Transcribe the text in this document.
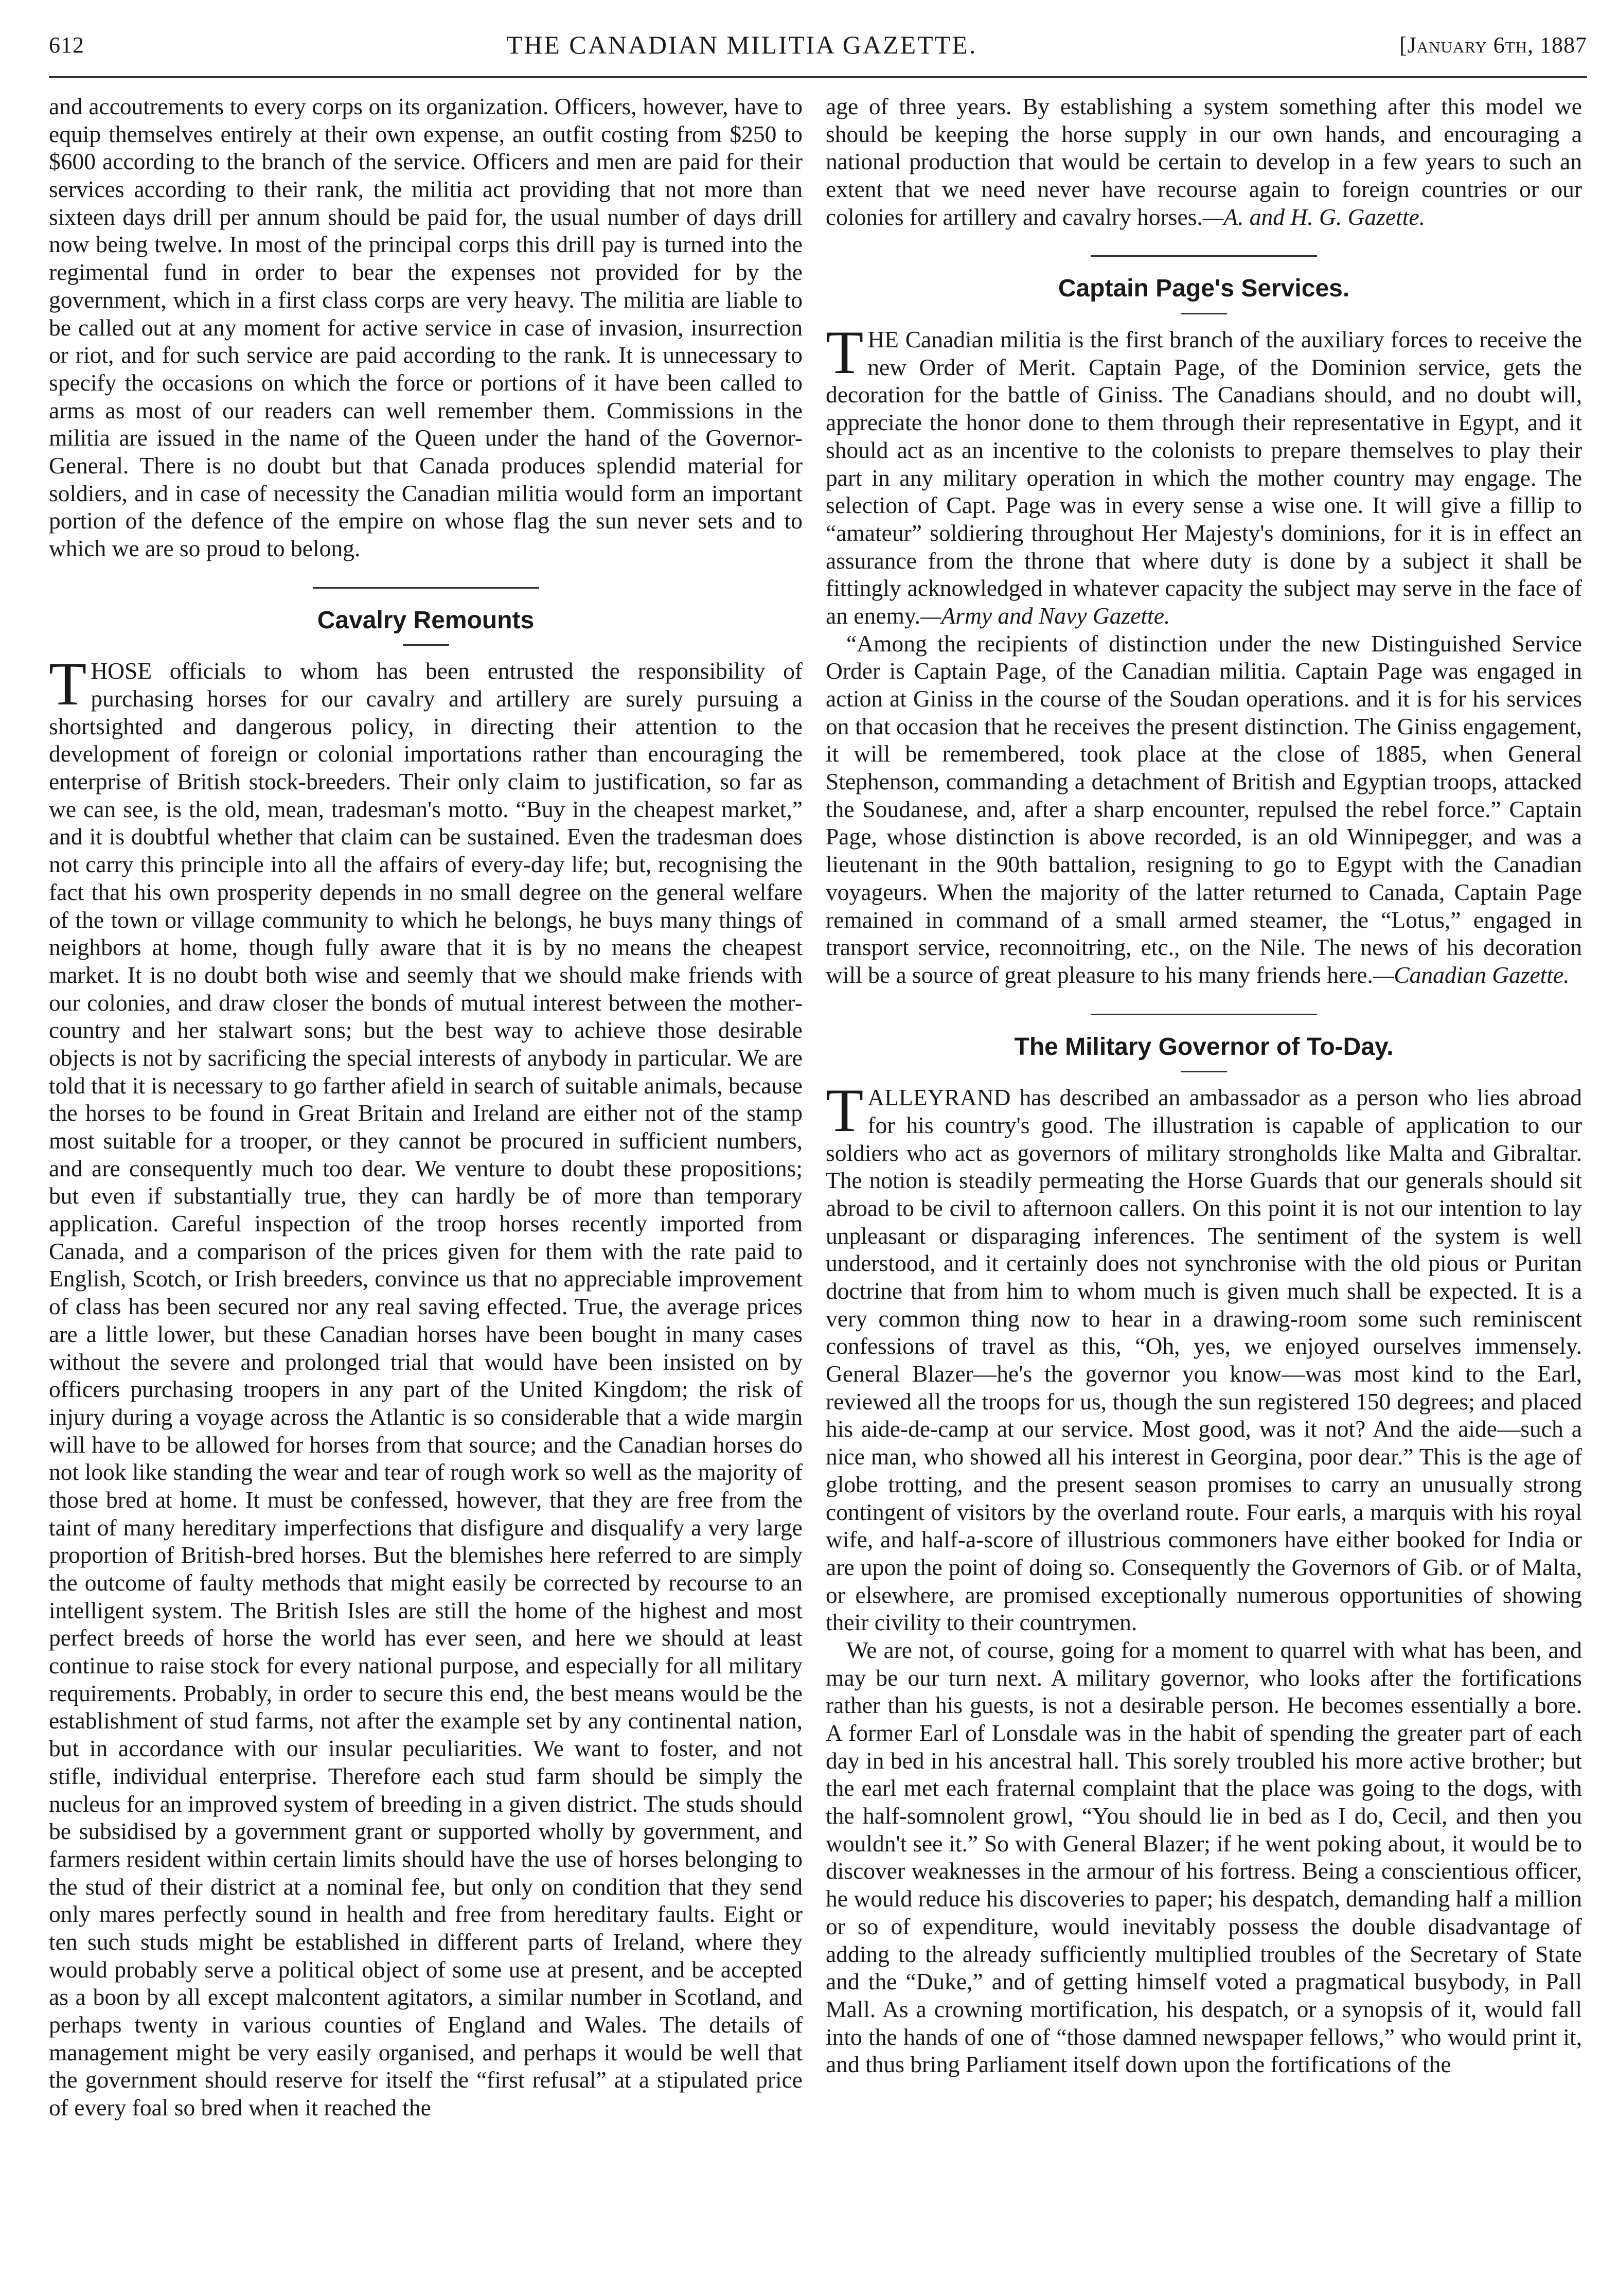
612	THE CANADIAN MILITIA GAZETTE.	[January 6th, 1887

and accoutrements to every corps on its organization. Officers, however, have to equip themselves entirely at their own expense, an outfit costing from $250 to $600 according to the branch of the service. Officers and men are paid for their services according to their rank, the militia act providing that not more than sixteen days drill per annum should be paid for, the usual number of days drill now being twelve. In most of the principal corps this drill pay is turned into the regimental fund in order to bear the expenses not provided for by the government, which in a first class corps are very heavy. The militia are liable to be called out at any moment for active service in case of invasion, insurrection or riot, and for such service are paid according to the rank. It is unnecessary to specify the occasions on which the force or portions of it have been called to arms as most of our readers can well remember them. Commissions in the militia are issued in the name of the Queen under the hand of the Governor-General. There is no doubt but that Canada produces splendid material for soldiers, and in case of necessity the Canadian militia would form an important portion of the defence of the empire on whose flag the sun never sets and to which we are so proud to belong.

Cavalry Remounts

THOSE officials to whom has been entrusted the responsibility of purchasing horses for our cavalry and artillery are surely pursuing a shortsighted and dangerous policy, in directing their attention to the development of foreign or colonial importations rather than encouraging the enterprise of British stock-breeders. Their only claim to justification, so far as we can see, is the old, mean, tradesman's motto. “Buy in the cheapest market,” and it is doubtful whether that claim can be sustained. Even the tradesman does not carry this principle into all the affairs of every-day life; but, recognising the fact that his own prosperity depends in no small degree on the general welfare of the town or village community to which he belongs, he buys many things of neighbors at home, though fully aware that it is by no means the cheapest market. It is no doubt both wise and seemly that we should make friends with our colonies, and draw closer the bonds of mutual interest between the mother-country and her stalwart sons; but the best way to achieve those desirable objects is not by sacrificing the special interests of anybody in particular. We are told that it is necessary to go farther afield in search of suitable animals, because the horses to be found in Great Britain and Ireland are either not of the stamp most suitable for a trooper, or they cannot be procured in sufficient numbers, and are consequently much too dear. We venture to doubt these propositions; but even if substantially true, they can hardly be of more than temporary application. Careful inspection of the troop horses recently imported from Canada, and a comparison of the prices given for them with the rate paid to English, Scotch, or Irish breeders, convince us that no appreciable improvement of class has been secured nor any real saving effected. True, the average prices are a little lower, but these Canadian horses have been bought in many cases without the severe and prolonged trial that would have been insisted on by officers purchasing troopers in any part of the United Kingdom; the risk of injury during a voyage across the Atlantic is so considerable that a wide margin will have to be allowed for horses from that source; and the Canadian horses do not look like standing the wear and tear of rough work so well as the majority of those bred at home. It must be confessed, however, that they are free from the taint of many hereditary imperfections that disfigure and disqualify a very large proportion of British-bred horses. But the blemishes here referred to are simply the outcome of faulty methods that might easily be corrected by recourse to an intelligent system. The British Isles are still the home of the highest and most perfect breeds of horse the world has ever seen, and here we should at least continue to raise stock for every national purpose, and especially for all military requirements. Probably, in order to secure this end, the best means would be the establishment of stud farms, not after the example set by any continental nation, but in accordance with our insular peculiarities. We want to foster, and not stifle, individual enterprise. Therefore each stud farm should be simply the nucleus for an improved system of breeding in a given district. The studs should be subsidised by a government grant or supported wholly by government, and farmers resident within certain limits should have the use of horses belonging to the stud of their district at a nominal fee, but only on condition that they send only mares perfectly sound in health and free from hereditary faults. Eight or ten such studs might be established in different parts of Ireland, where they would probably serve a political object of some use at present, and be accepted as a boon by all except malcontent agitators, a similar number in Scotland, and perhaps twenty in various counties of England and Wales. The details of management might be very easily organised, and perhaps it would be well that the government should reserve for itself the “first refusal” at a stipulated price of every foal so bred when it reached the

age of three years. By establishing a system something after this model we should be keeping the horse supply in our own hands, and encouraging a national production that would be certain to develop in a few years to such an extent that we need never have recourse again to foreign countries or our colonies for artillery and cavalry horses.—A. and H. G. Gazette.

Captain Page's Services.

THE Canadian militia is the first branch of the auxiliary forces to receive the new Order of Merit. Captain Page, of the Dominion service, gets the decoration for the battle of Giniss. The Canadians should, and no doubt will, appreciate the honor done to them through their representative in Egypt, and it should act as an incentive to the colonists to prepare themselves to play their part in any military operation in which the mother country may engage. The selection of Capt. Page was in every sense a wise one. It will give a fillip to “amateur” soldiering throughout Her Majesty's dominions, for it is in effect an assurance from the throne that where duty is done by a subject it shall be fittingly acknowledged in whatever capacity the subject may serve in the face of an enemy.—Army and Navy Gazette.

“Among the recipients of distinction under the new Distinguished Service Order is Captain Page, of the Canadian militia. Captain Page was engaged in action at Giniss in the course of the Soudan operations. and it is for his services on that occasion that he receives the present distinction. The Giniss engagement, it will be remembered, took place at the close of 1885, when General Stephenson, commanding a detachment of British and Egyptian troops, attacked the Soudanese, and, after a sharp encounter, repulsed the rebel force.” Captain Page, whose distinction is above recorded, is an old Winnipegger, and was a lieutenant in the 90th battalion, resigning to go to Egypt with the Canadian voyageurs. When the majority of the latter returned to Canada, Captain Page remained in command of a small armed steamer, the “Lotus,” engaged in transport service, reconnoitring, etc., on the Nile. The news of his decoration will be a source of great pleasure to his many friends here.—Canadian Gazette.

The Military Governor of To-Day.

TALLEYRAND has described an ambassador as a person who lies abroad for his country's good. The illustration is capable of application to our soldiers who act as governors of military strongholds like Malta and Gibraltar. The notion is steadily permeating the Horse Guards that our generals should sit abroad to be civil to afternoon callers. On this point it is not our intention to lay unpleasant or disparaging inferences. The sentiment of the system is well understood, and it certainly does not synchronise with the old pious or Puritan doctrine that from him to whom much is given much shall be expected. It is a very common thing now to hear in a drawing-room some such reminiscent confessions of travel as this, “Oh, yes, we enjoyed ourselves immensely. General Blazer—he's the governor you know—was most kind to the Earl, reviewed all the troops for us, though the sun registered 150 degrees; and placed his aide-de-camp at our service. Most good, was it not? And the aide—such a nice man, who showed all his interest in Georgina, poor dear.” This is the age of globe trotting, and the present season promises to carry an unusually strong contingent of visitors by the overland route. Four earls, a marquis with his royal wife, and half-a-score of illustrious commoners have either booked for India or are upon the point of doing so. Consequently the Governors of Gib. or of Malta, or elsewhere, are promised exceptionally numerous opportunities of showing their civility to their countrymen.

We are not, of course, going for a moment to quarrel with what has been, and may be our turn next. A military governor, who looks after the fortifications rather than his guests, is not a desirable person. He becomes essentially a bore. A former Earl of Lonsdale was in the habit of spending the greater part of each day in bed in his ancestral hall. This sorely troubled his more active brother; but the earl met each fraternal complaint that the place was going to the dogs, with the half-somnolent growl, “You should lie in bed as I do, Cecil, and then you wouldn't see it.” So with General Blazer; if he went poking about, it would be to discover weaknesses in the armour of his fortress. Being a conscientious officer, he would reduce his discoveries to paper; his despatch, demanding half a million or so of expenditure, would inevitably possess the double disadvantage of adding to the already sufficiently multiplied troubles of the Secretary of State and the “Duke,” and of getting himself voted a pragmatical busybody, in Pall Mall. As a crowning mortification, his despatch, or a synopsis of it, would fall into the hands of one of “those damned newspaper fellows,” who would print it, and thus bring Parliament itself down upon the fortifications of the
